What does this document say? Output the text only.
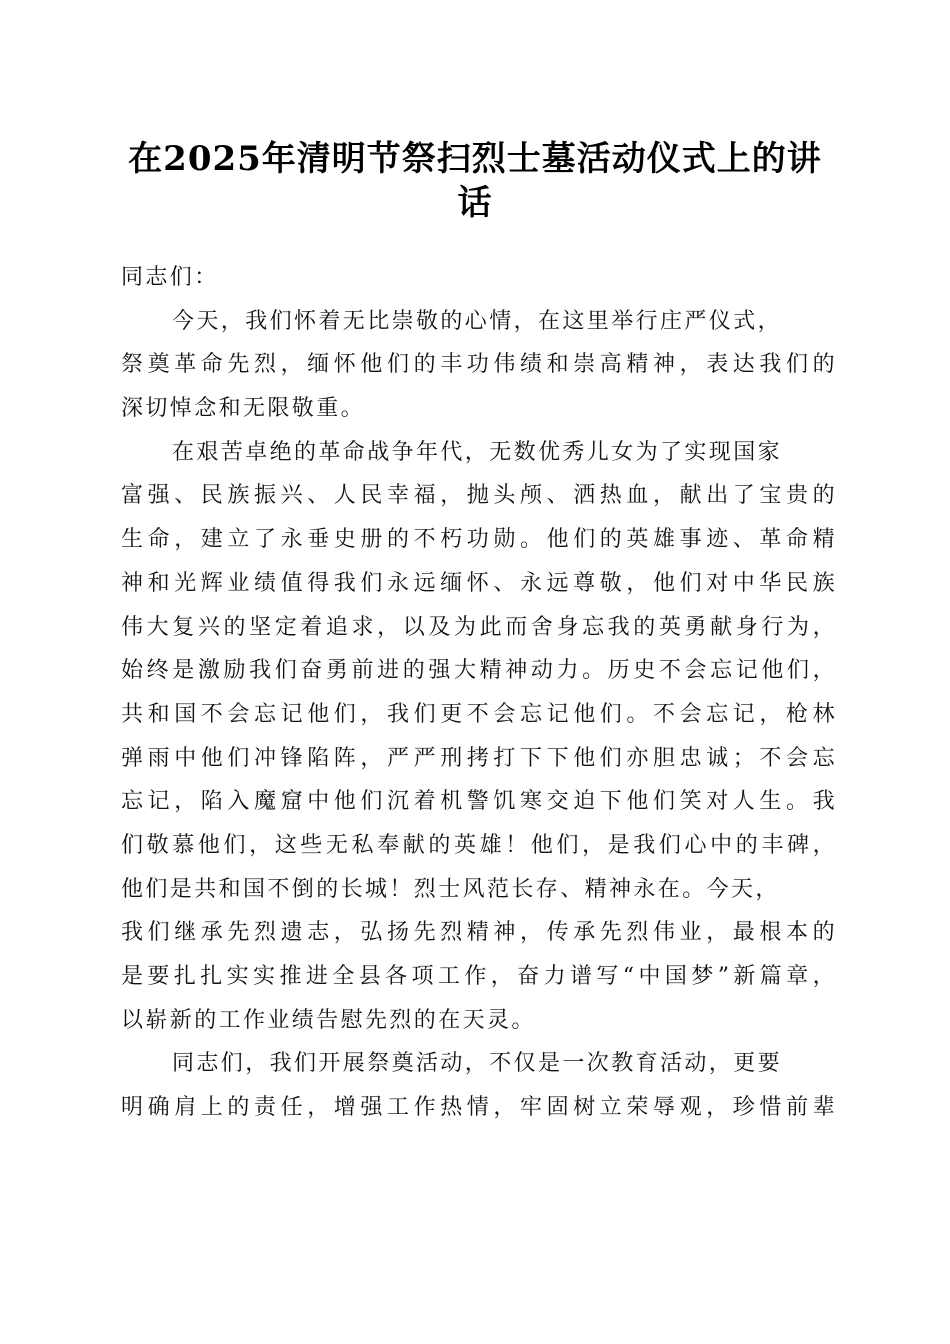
在2025年清明节祭扫烈士墓活动仪式上的讲
话

同志们：

今天，我们怀着无比崇敬的心情，在这里举行庄严仪式，
祭奠革命先烈，缅怀他们的丰功伟绩和崇高精神，表达我们的
深切悼念和无限敬重。

在艰苦卓绝的革命战争年代，无数优秀儿女为了实现国家
富强、民族振兴、人民幸福，抛头颅、洒热血，献出了宝贵的
生命，建立了永垂史册的不朽功勋。他们的英雄事迹、革命精
神和光辉业绩值得我们永远缅怀、永远尊敬，他们对中华民族
伟大复兴的坚定着追求，以及为此而舍身忘我的英勇献身行为，
始终是激励我们奋勇前进的强大精神动力。历史不会忘记他们，
共和国不会忘记他们，我们更不会忘记他们。不会忘记，枪林
弹雨中他们冲锋陷阵，严严刑拷打下下他们亦胆忠诚；不会忘
忘记，陷入魔窟中他们沉着机警饥寒交迫下他们笑对人生。我
们敬慕他们，这些无私奉献的英雄！他们，是我们心中的丰碑，
他们是共和国不倒的长城！烈士风范长存、精神永在。今天，
我们继承先烈遗志，弘扬先烈精神，传承先烈伟业，最根本的
是要扎扎实实推进全县各项工作，奋力谱写“中国梦”新篇章，
以崭新的工作业绩告慰先烈的在天灵。

同志们，我们开展祭奠活动，不仅是一次教育活动，更要
明确肩上的责任，增强工作热情，牢固树立荣辱观，珍惜前辈
